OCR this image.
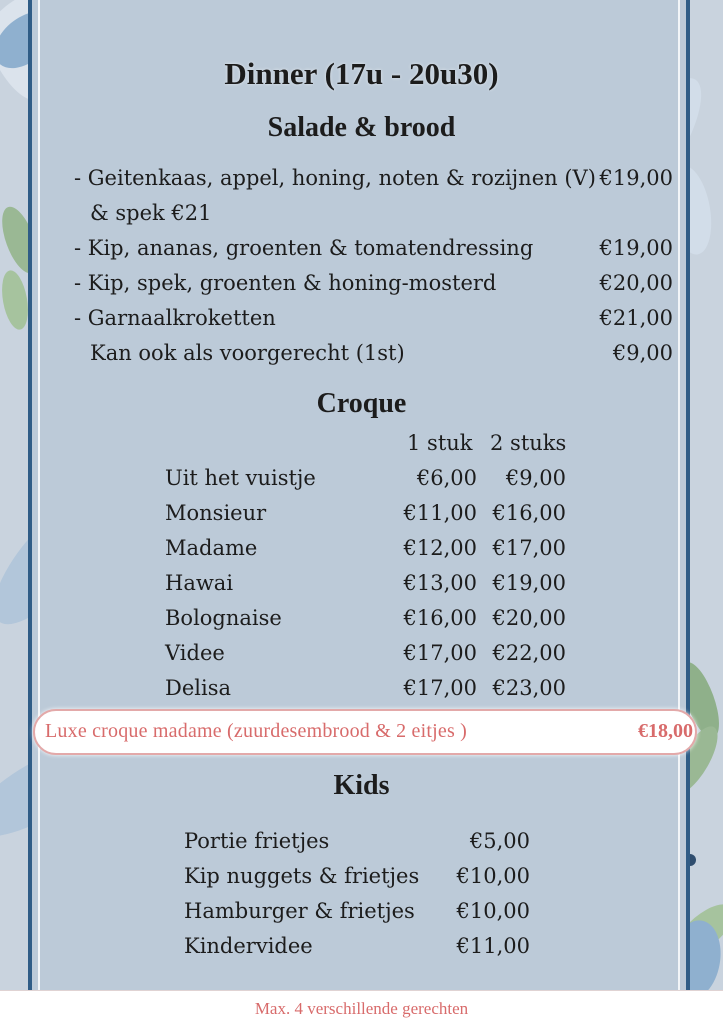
Dinner (17u - 20u30)
Salade & brood
- Geitenkaas, appel, honing, noten & rozijnen (V) €19,00
& spek €21
- Kip, ananas, groenten & tomatendressing	€19,00
- Kip, spek, groenten & honing-mosterd	€20,00
- Garnaalkroketten	€21,00
Kan ook als voorgerecht (1st)	€9,00
Croque
1 stuk 2 stuks
Uit het vuistje	€6,00 €9,00
Monsieur	€11,00 €16,00
Madame	€12,00 €17,00
Hawai	€13,00 €19,00
Bolognaise	€16,00 €20,00
Videe	€17,00 €22,00
Delisa	€17,00 €23,00
Luxe croque madame (zuurdesembrood & 2 eitjes )	€18,00
Kids
Portie frietjes	€5,00
Kip nuggets & frietjes €10,00
Hamburger & frietjes €10,00
Kindervidee	€11,00
Max. 4 verschillende gerechten
